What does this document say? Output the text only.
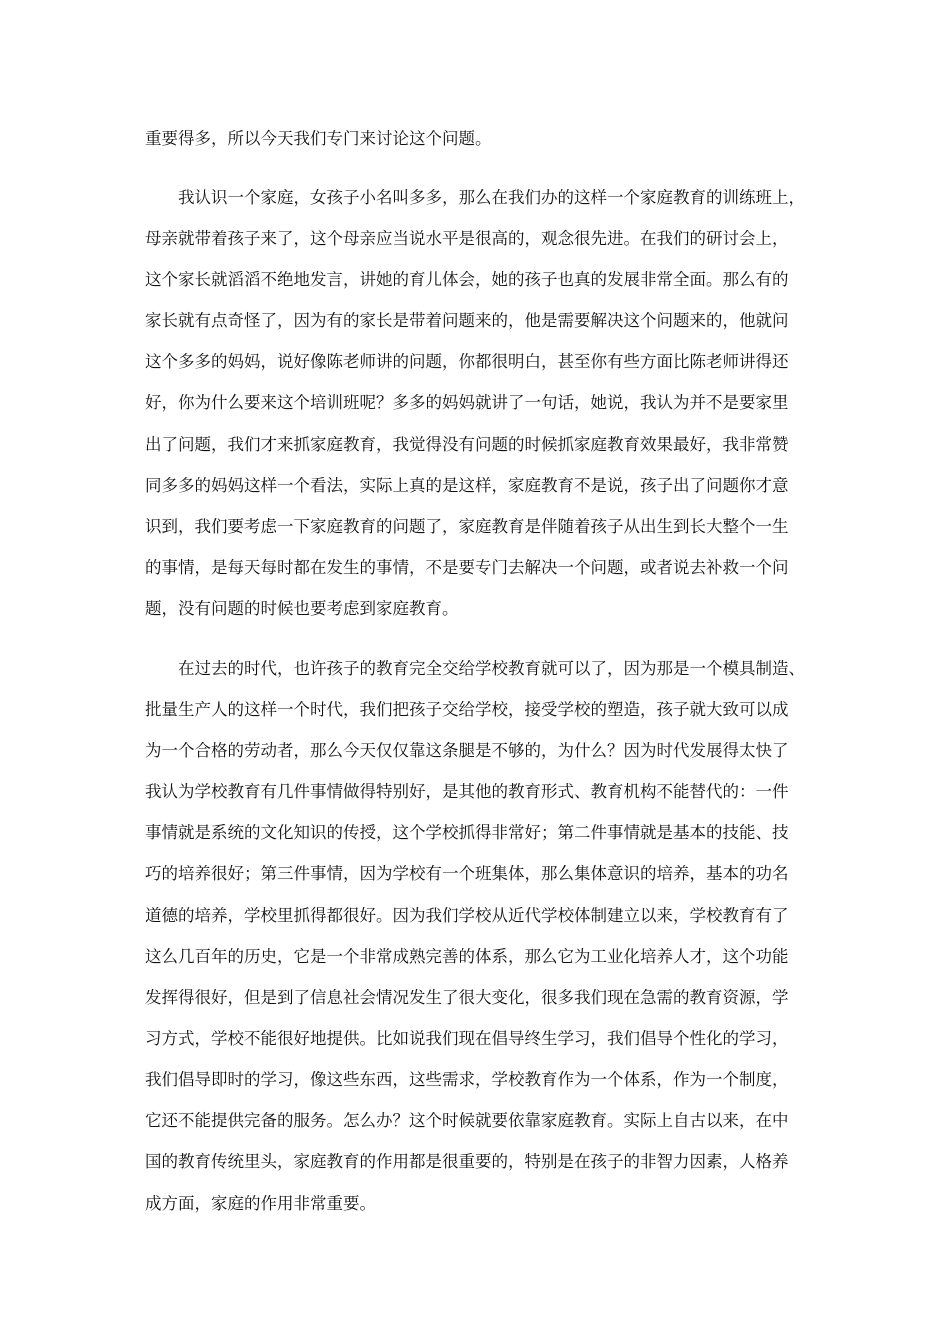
重要得多，所以今天我们专门来讨论这个问题。

我认识一个家庭，女孩子小名叫多多，那么在我们办的这样一个家庭教育的训练班上，

母亲就带着孩子来了，这个母亲应当说水平是很高的，观念很先进。在我们的研讨会上，

这个家长就滔滔不绝地发言，讲她的育儿体会，她的孩子也真的发展非常全面。那么有的

家长就有点奇怪了，因为有的家长是带着问题来的，他是需要解决这个问题来的，他就问

这个多多的妈妈，说好像陈老师讲的问题，你都很明白，甚至你有些方面比陈老师讲得还

好，你为什么要来这个培训班呢？多多的妈妈就讲了一句话，她说，我认为并不是要家里

出了问题，我们才来抓家庭教育，我觉得没有问题的时候抓家庭教育效果最好，我非常赞

同多多的妈妈这样一个看法，实际上真的是这样，家庭教育不是说，孩子出了问题你才意

识到，我们要考虑一下家庭教育的问题了，家庭教育是伴随着孩子从出生到长大整个一生

的事情，是每天每时都在发生的事情，不是要专门去解决一个问题，或者说去补救一个问

题，没有问题的时候也要考虑到家庭教育。

在过去的时代，也许孩子的教育完全交给学校教育就可以了，因为那是一个模具制造、

批量生产人的这样一个时代，我们把孩子交给学校，接受学校的塑造，孩子就大致可以成

为一个合格的劳动者，那么今天仅仅靠这条腿是不够的，为什么？因为时代发展得太快了

我认为学校教育有几件事情做得特别好，是其他的教育形式、教育机构不能替代的：一件

事情就是系统的文化知识的传授，这个学校抓得非常好；第二件事情就是基本的技能、技

巧的培养很好；第三件事情，因为学校有一个班集体，那么集体意识的培养，基本的功名

道德的培养，学校里抓得都很好。因为我们学校从近代学校体制建立以来，学校教育有了

这么几百年的历史，它是一个非常成熟完善的体系，那么它为工业化培养人才，这个功能

发挥得很好，但是到了信息社会情况发生了很大变化，很多我们现在急需的教育资源，学

习方式，学校不能很好地提供。比如说我们现在倡导终生学习，我们倡导个性化的学习，

我们倡导即时的学习，像这些东西，这些需求，学校教育作为一个体系，作为一个制度，

它还不能提供完备的服务。怎么办？这个时候就要依靠家庭教育。实际上自古以来，在中

国的教育传统里头，家庭教育的作用都是很重要的，特别是在孩子的非智力因素，人格养

成方面，家庭的作用非常重要。
